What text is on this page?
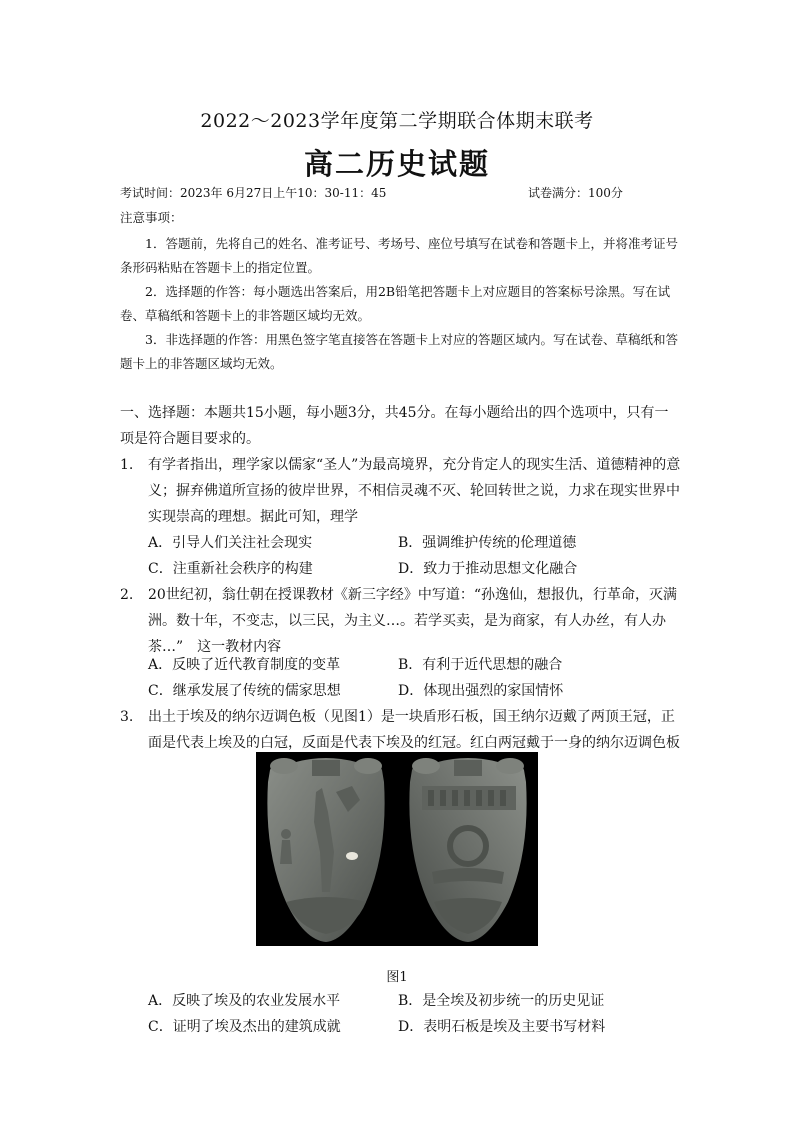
2022～2023学年度第二学期联合体期末联考
高二历史试题
考试时间：2023年 6月27日上午10：30-11：45	试卷满分：100分
注意事项：
1．答题前，先将自己的姓名、准考证号、考场号、座位号填写在试卷和答题卡上，并将准考证号条形码粘贴在答题卡上的指定位置。
2．选择题的作答：每小题选出答案后，用2B铅笔把答题卡上对应题目的答案标号涂黑。写在试卷、草稿纸和答题卡上的非答题区域均无效。
3．非选择题的作答：用黑色签字笔直接答在答题卡上对应的答题区域内。写在试卷、草稿纸和答题卡上的非答题区域均无效。
一、选择题：本题共15小题，每小题3分，共45分。在每小题给出的四个选项中，只有一项是符合题目要求的。
1.	有学者指出，理学家以儒家“圣人”为最高境界，充分肯定人的现实生活、道德精神的意义；摒弃佛道所宣扬的彼岸世界，不相信灵魂不灭、轮回转世之说，力求在现实世界中实现崇高的理想。据此可知，理学
A．引导人们关注社会现实	B．强调维护传统的伦理道德
C．注重新社会秩序的构建	D．致力于推动思想文化融合
2.	20世纪初，翁仕朝在授课教材《新三字经》中写道：“孙逸仙，想报仇，行革命，灭满洲。数十年，不变志，以三民，为主义…。若学买卖，是为商家，有人办丝，有人办茶…”　这一教材内容
A．反映了近代教育制度的变革	B．有利于近代思想的融合
C．继承发展了传统的儒家思想	D．体现出强烈的家国情怀
3.	出土于埃及的纳尔迈调色板（见图1）是一块盾形石板，国王纳尔迈戴了两顶王冠，正面是代表上埃及的白冠，反面是代表下埃及的红冠。红白两冠戴于一身的纳尔迈调色板
图1
A．反映了埃及的农业发展水平	B．是全埃及初步统一的历史见证
C．证明了埃及杰出的建筑成就	D．表明石板是埃及主要书写材料
